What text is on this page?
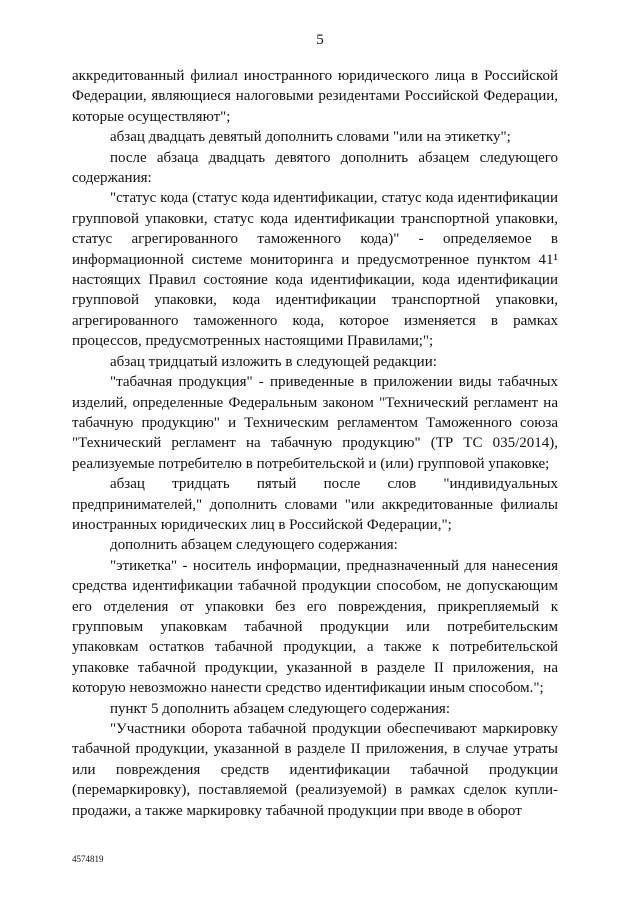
5

аккредитованный филиал иностранного юридического лица в Российской Федерации, являющиеся налоговыми резидентами Российской Федерации, которые осуществляют";

абзац двадцать девятый дополнить словами "или на этикетку";

после абзаца двадцать девятого дополнить абзацем следующего содержания:

"статус кода (статус кода идентификации, статус кода идентификации групповой упаковки, статус кода идентификации транспортной упаковки, статус агрегированного таможенного кода)" - определяемое в информационной системе мониторинга и предусмотренное пунктом 41¹ настоящих Правил состояние кода идентификации, кода идентификации групповой упаковки, кода идентификации транспортной упаковки, агрегированного таможенного кода, которое изменяется в рамках процессов, предусмотренных настоящими Правилами;";

абзац тридцатый изложить в следующей редакции:

"табачная продукция" - приведенные в приложении виды табачных изделий, определенные Федеральным законом "Технический регламент на табачную продукцию" и Техническим регламентом Таможенного союза "Технический регламент на табачную продукцию" (ТР ТС 035/2014), реализуемые потребителю в потребительской и (или) групповой упаковке;

абзац тридцать пятый после слов "индивидуальных предпринимателей," дополнить словами "или аккредитованные филиалы иностранных юридических лиц в Российской Федерации,";

дополнить абзацем следующего содержания:

"этикетка" - носитель информации, предназначенный для нанесения средства идентификации табачной продукции способом, не допускающим его отделения от упаковки без его повреждения, прикрепляемый к групповым упаковкам табачной продукции или потребительским упаковкам остатков табачной продукции, а также к потребительской упаковке табачной продукции, указанной в разделе II приложения, на которую невозможно нанести средство идентификации иным способом.";

пункт 5 дополнить абзацем следующего содержания:

"Участники оборота табачной продукции обеспечивают маркировку табачной продукции, указанной в разделе II приложения, в случае утраты или повреждения средств идентификации табачной продукции (перемаркировку), поставляемой (реализуемой) в рамках сделок купли-продажи, а также маркировку табачной продукции при вводе в оборот

4574819
